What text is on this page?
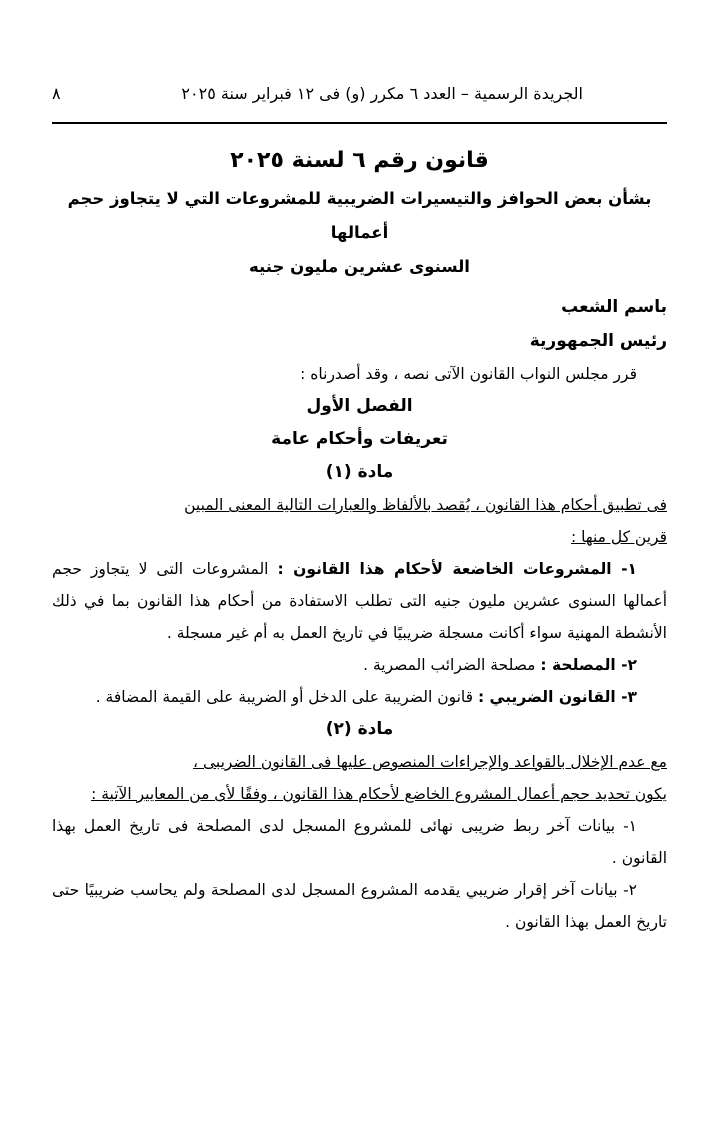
٨	الجريدة الرسمية – العدد ٦ مكرر (و) فى ١٢ فبراير سنة ٢٠٢٥

قانون رقم ٦ لسنة ٢٠٢٥

بشأن بعض الحوافز والتيسيرات الضريبية للمشروعات التي لا يتجاوز حجم أعمالها
السنوى عشرين مليون جنيه

باسم الشعب

رئيس الجمهورية

قرر مجلس النواب القانون الآتى نصه ، وقد أصدرناه :

الفصل الأول

تعريفات وأحكام عامة

مادة (١)

فى تطبيق أحكام هذا القانون ، يُقصد بالألفاظ والعبارات التالية المعنى المبين
قرين كل منها :

١- المشروعات الخاضعة لأحكام هذا القانون : المشروعات التى لا يتجاوز حجم أعمالها السنوى عشرين مليون جنيه التى تطلب الاستفادة من أحكام هذا القانون بما في ذلك الأنشطة المهنية سواء أكانت مسجلة ضريبيًا في تاريخ العمل به أم غير مسجلة .

٢- المصلحة : مصلحة الضرائب المصرية .

٣- القانون الضريبي : قانون الضريبة على الدخل أو الضريبة على القيمة المضافة .

مادة (٢)

مع عدم الإخلال بالقواعد والإجراءات المنصوص عليها فى القانون الضريبى ،
يكون تحديد حجم أعمال المشروع الخاضع لأحكام هذا القانون ، وفقًا لأى من المعايير الآتية :

١- بيانات آخر ربط ضريبى نهائى للمشروع المسجل لدى المصلحة فى تاريخ العمل بهذا القانون .

٢- بيانات آخر إقرار ضريبي يقدمه المشروع المسجل لدى المصلحة ولم يحاسب ضريبيًا حتى تاريخ العمل بهذا القانون .
